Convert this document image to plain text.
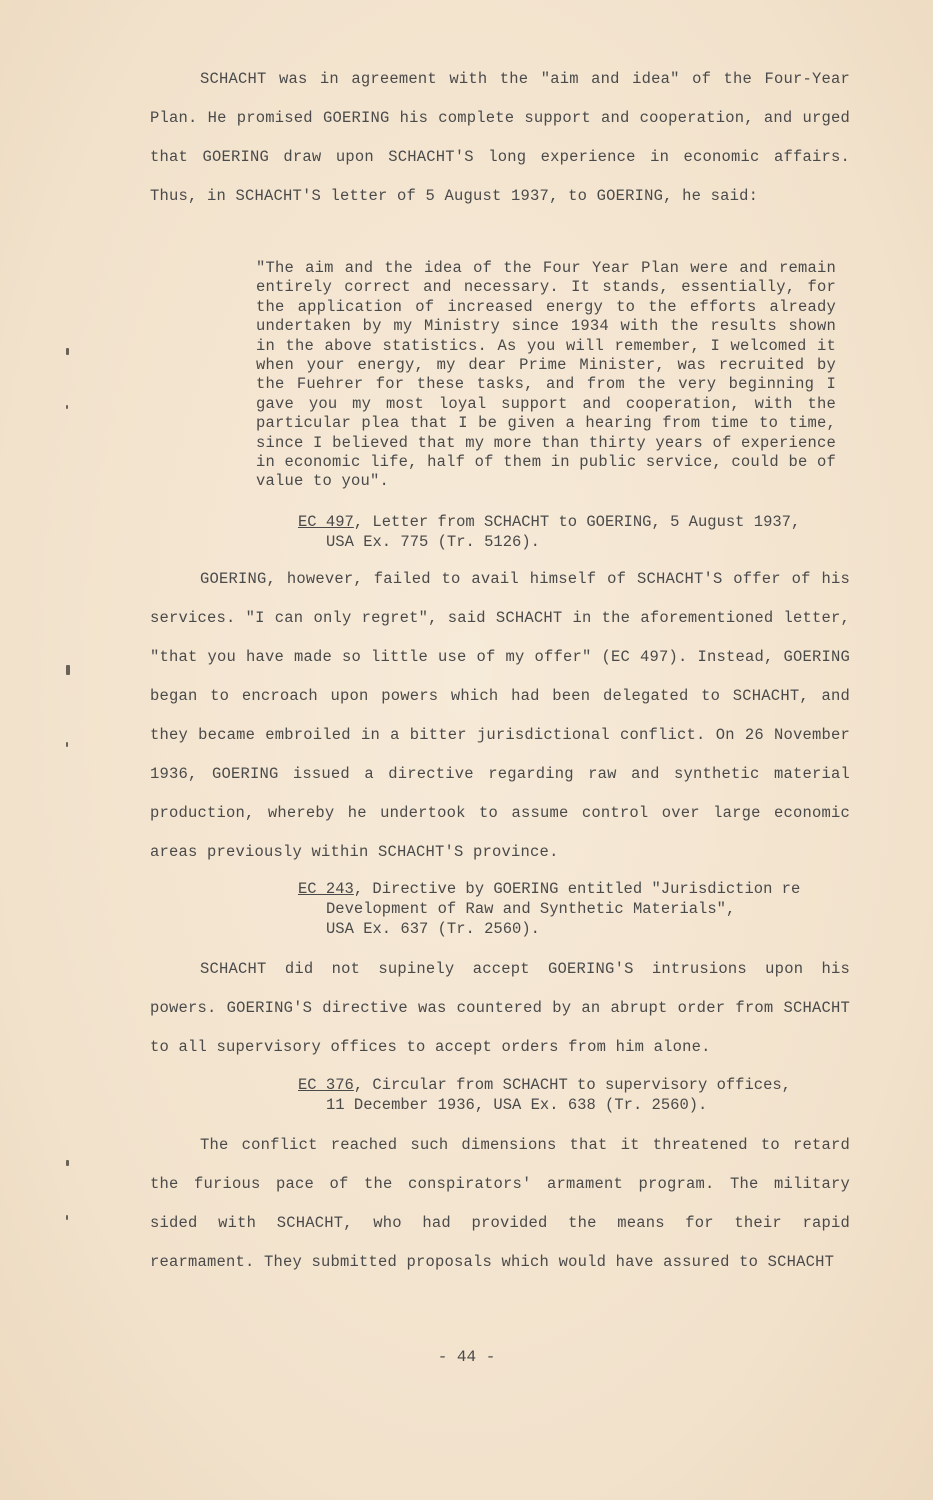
SCHACHT was in agreement with the "aim and idea" of the Four-Year Plan. He promised GOERING his complete support and cooperation, and urged that GOERING draw upon SCHACHT'S long experience in economic affairs. Thus, in SCHACHT'S letter of 5 August 1937, to GOERING, he said:

"The aim and the idea of the Four Year Plan were and remain entirely correct and necessary. It stands, essentially, for the application of increased energy to the efforts already undertaken by my Ministry since 1934 with the results shown in the above statistics. As you will remember, I welcomed it when your energy, my dear Prime Minister, was recruited by the Fuehrer for these tasks, and from the very beginning I gave you my most loyal support and cooperation, with the particular plea that I be given a hearing from time to time, since I believed that my more than thirty years of experience in economic life, half of them in public service, could be of value to you".

EC 497, Letter from SCHACHT to GOERING, 5 August 1937,
USA Ex. 775 (Tr. 5126).

GOERING, however, failed to avail himself of SCHACHT'S offer of his services. "I can only regret", said SCHACHT in the aforementioned letter, "that you have made so little use of my offer" (EC 497). Instead, GOERING began to encroach upon powers which had been delegated to SCHACHT, and they became embroiled in a bitter jurisdictional conflict. On 26 November 1936, GOERING issued a directive regarding raw and synthetic material production, whereby he undertook to assume control over large economic areas previously within SCHACHT'S province.

EC 243, Directive by GOERING entitled "Jurisdiction re
Development of Raw and Synthetic Materials", USA Ex. 637 (Tr. 2560).

SCHACHT did not supinely accept GOERING'S intrusions upon his powers. GOERING'S directive was countered by an abrupt order from SCHACHT to all supervisory offices to accept orders from him alone.

EC 376, Circular from SCHACHT to supervisory offices,
11 December 1936, USA Ex. 638 (Tr. 2560).

The conflict reached such dimensions that it threatened to retard the furious pace of the conspirators' armament program. The military sided with SCHACHT, who had provided the means for their rapid rearmament. They submitted proposals which would have assured to SCHACHT

- 44 -
